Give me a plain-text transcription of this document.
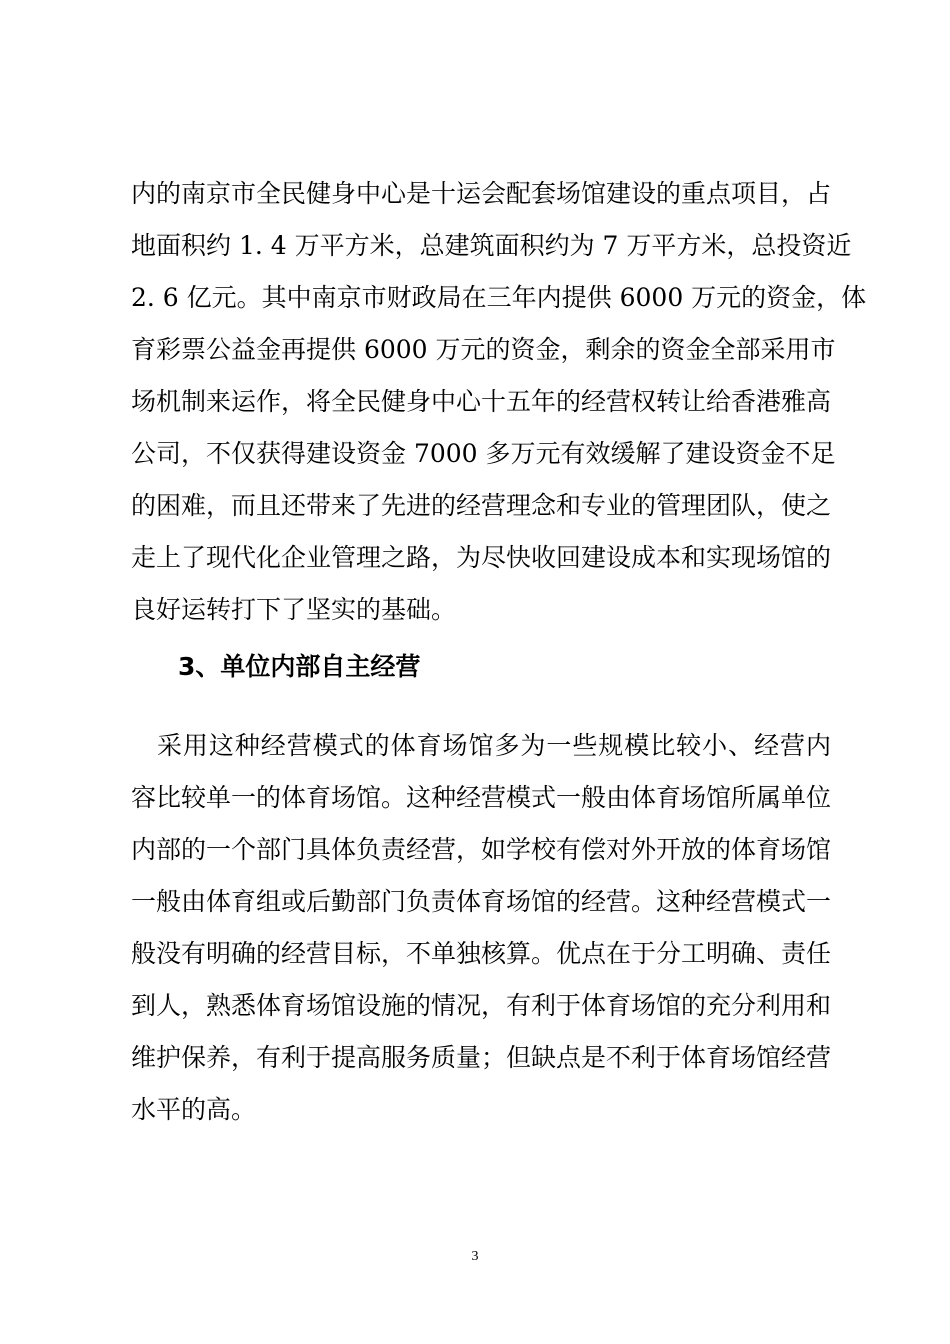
内的南京市全民健身中心是十运会配套场馆建设的重点项目，占
地面积约 1. 4 万平方米，总建筑面积约为 7 万平方米，总投资近
2. 6 亿元。其中南京市财政局在三年内提供 6000 万元的资金，体
育彩票公益金再提供 6000 万元的资金，剩余的资金全部采用市
场机制来运作，将全民健身中心十五年的经营权转让给香港雅高
公司，不仅获得建设资金 7000 多万元有效缓解了建设资金不足
的困难，而且还带来了先进的经营理念和专业的管理团队，使之
走上了现代化企业管理之路，为尽快收回建设成本和实现场馆的
良好运转打下了坚实的基础。
3、单位内部自主经营
　采用这种经营模式的体育场馆多为一些规模比较小、经营内
容比较单一的体育场馆。这种经营模式一般由体育场馆所属单位
内部的一个部门具体负责经营，如学校有偿对外开放的体育场馆
一般由体育组或后勤部门负责体育场馆的经营。这种经营模式一
般没有明确的经营目标，不单独核算。优点在于分工明确、责任
到人，熟悉体育场馆设施的情况，有利于体育场馆的充分利用和
维护保养，有利于提高服务质量；但缺点是不利于体育场馆经营
水平的高。
3
